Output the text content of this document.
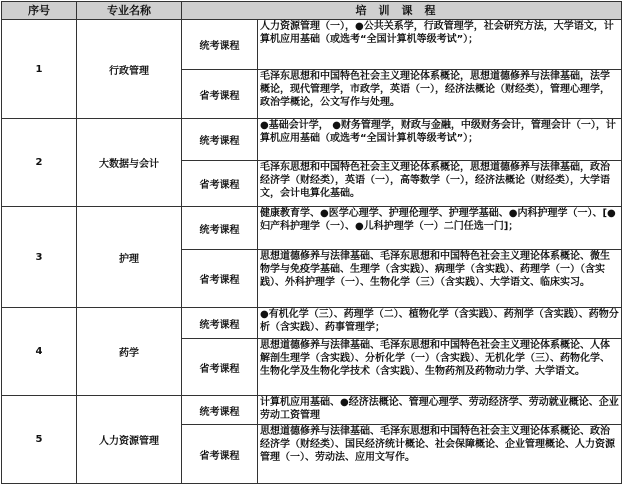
序号	专业名称	培训课程	
1	行政管理	统考课程	人力资源管理（一），●公共关系学，行政管理学，社会研究方法，大学语文，计算机应用基础（或选考“全国计算机等级考试”）；
		省考课程	毛泽东思想和中国特色社会主义理论体系概论，思想道德修养与法律基础，法学概论，现代管理学，市政学，英语（一），经济法概论（财经类），管理心理学，政治学概论，公文写作与处理。
2	大数据与会计	统考课程	●基础会计学， ●财务管理学，财政与金融，中级财务会计，管理会计（一），计算机应用基础（或选考“全国计算机等级考试”）；
		省考课程	毛泽东思想和中国特色社会主义理论体系概论，思想道德修养与法律基础，政治经济学（财经类），英语（一），高等数学（一），经济法概论（财经类），大学语文，会计电算化基础。
3	护理	统考课程	健康教育学、●医学心理学、护理伦理学、护理学基础、●内科护理学（一）、[●妇产科护理学（一）、●儿科护理学（一）二门任选一门]；
		省考课程	思想道德修养与法律基础、毛泽东思想和中国特色社会主义理论体系概论、微生物学与免疫学基础、生理学（含实践）、病理学（含实践）、药理学（一）（含实践）、外科护理学（一）、生物化学（三）（含实践）、大学语文、临床实习。
4	药学	统考课程	●有机化学（三）、药理学（二）、植物化学（含实践）、药剂学（含实践）、药物分析（含实践）、药事管理学；
		省考课程	思想道德修养与法律基础、毛泽东思想和中国特色社会主义理论体系概论、人体解剖生理学（含实践）、分析化学（一）（含实践）、无机化学（三）、药物化学、生物化学及生物化学技术（含实践）、生物药剂及药物动力学、大学语文。
5	人力资源管理	统考课程	计算机应用基础、●经济法概论、管理心理学、劳动经济学、劳动就业概论、企业劳动工资管理
		省考课程	思想道德修养与法律基础、毛泽东思想和中国特色社会主义理论体系概论、政治经济学（财经类）、国民经济统计概论、社会保障概论、企业管理概论、人力资源管理（一）、劳动法、应用文写作。
